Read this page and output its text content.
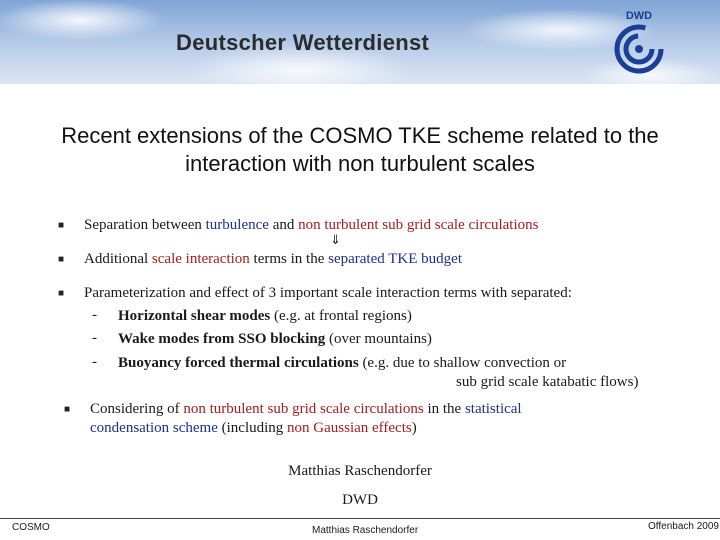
Deutscher Wetterdienst
DWD
Recent extensions of the COSMO TKE scheme related to the
interaction with non turbulent scales
■ Separation between turbulence and non turbulent sub grid scale circulations
⇓
■ Additional scale interaction terms in the separated TKE budget
■ Parameterization and effect of 3 important scale interaction terms with separated:
- Horizontal shear modes (e.g. at frontal regions)
- Wake modes from SSO blocking (over mountains)
- Buoyancy forced thermal circulations (e.g. due to shallow convection or
sub grid scale katabatic flows)
■ Considering of non turbulent sub grid scale circulations in the statistical
condensation scheme (including non Gaussian effects)
Matthias Raschendorfer
DWD
COSMO	Matthias Raschendorfer	Offenbach 2009
